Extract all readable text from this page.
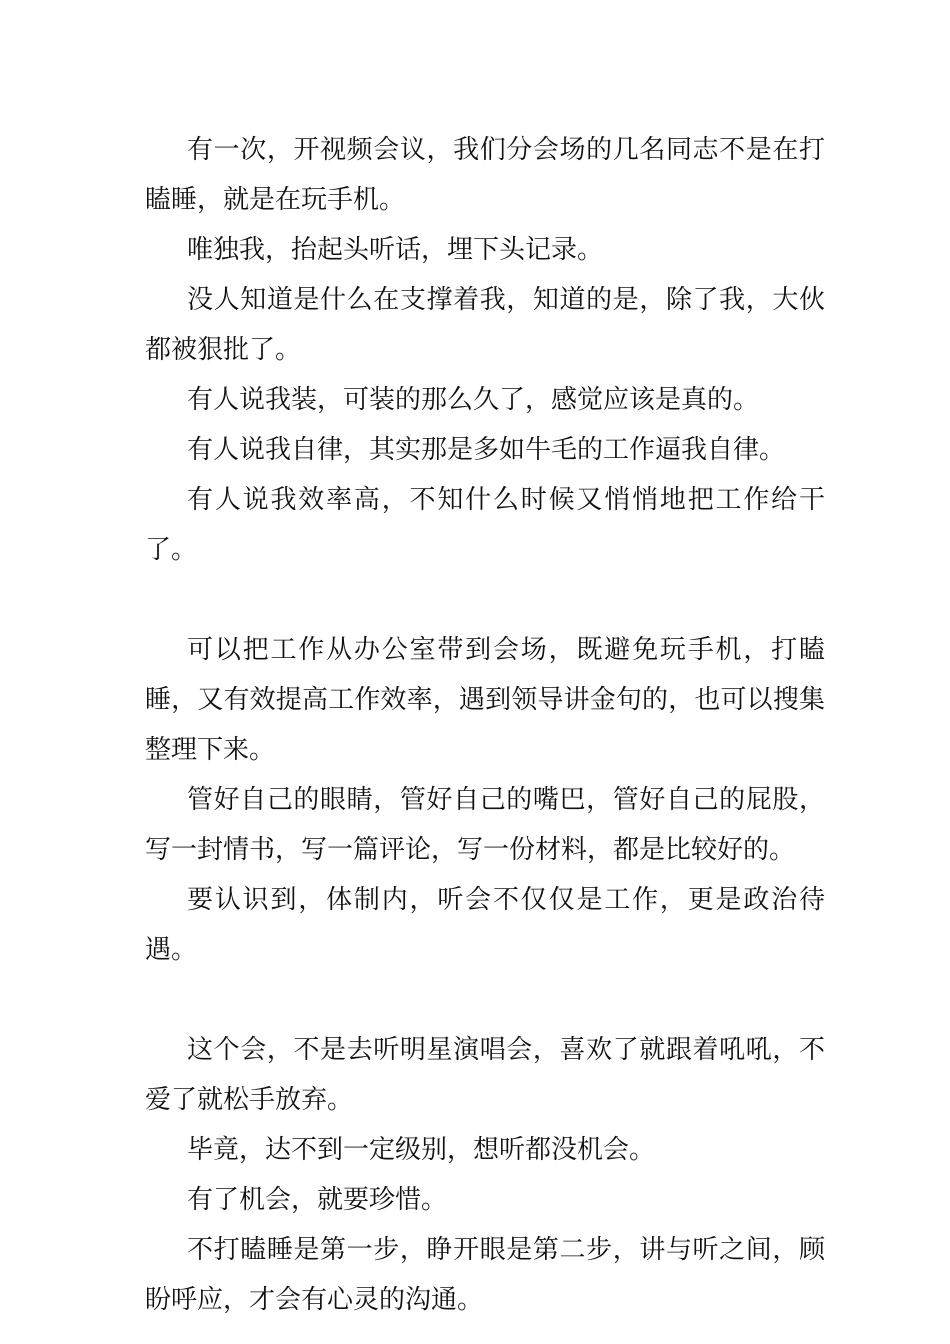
有一次，开视频会议，我们分会场的几名同志不是在打瞌睡，就是在玩手机。

唯独我，抬起头听话，埋下头记录。

没人知道是什么在支撑着我，知道的是，除了我，大伙都被狠批了。

有人说我装，可装的那么久了，感觉应该是真的。

有人说我自律，其实那是多如牛毛的工作逼我自律。

有人说我效率高，不知什么时候又悄悄地把工作给干了。

可以把工作从办公室带到会场，既避免玩手机，打瞌睡，又有效提高工作效率，遇到领导讲金句的，也可以搜集整理下来。

管好自己的眼睛，管好自己的嘴巴，管好自己的屁股，写一封情书，写一篇评论，写一份材料，都是比较好的。

要认识到，体制内，听会不仅仅是工作，更是政治待遇。

这个会，不是去听明星演唱会，喜欢了就跟着吼吼，不爱了就松手放弃。

毕竟，达不到一定级别，想听都没机会。

有了机会，就要珍惜。

不打瞌睡是第一步，睁开眼是第二步，讲与听之间，顾盼呼应，才会有心灵的沟通。
